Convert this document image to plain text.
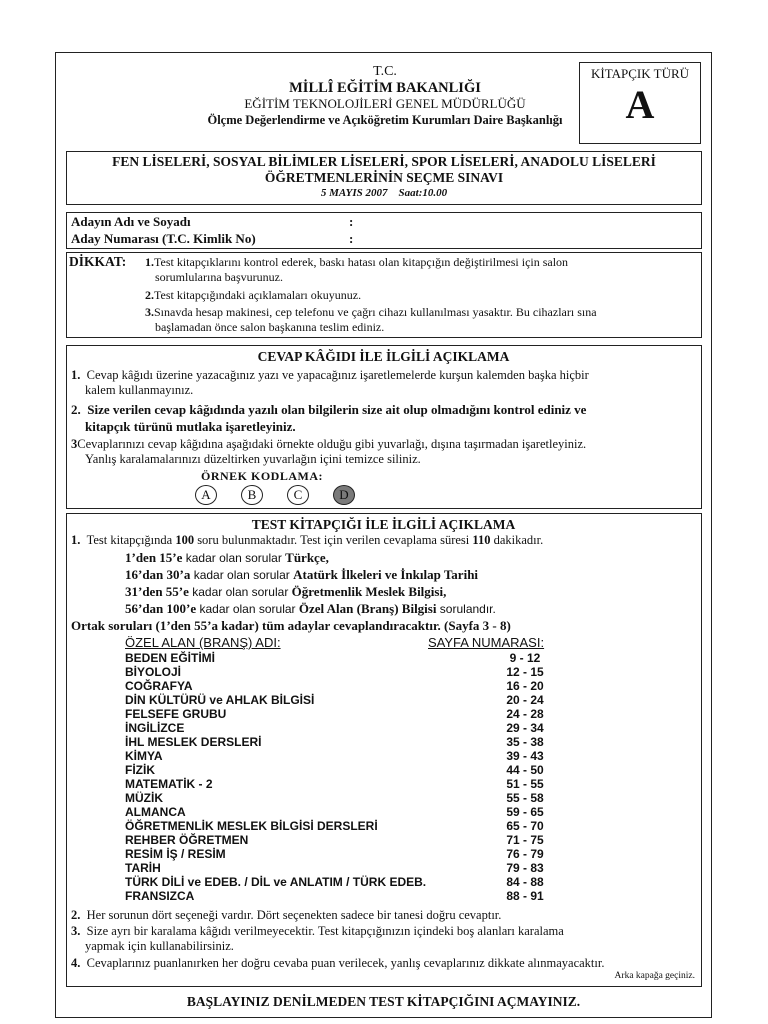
T.C.
MİLLÎ EĞİTİM BAKANLIĞI
EĞİTİM TEKNOLOJİLERİ GENEL MÜDÜRLÜĞÜ
Ölçme Değerlendirme ve Açıköğretim Kurumları Daire Başkanlığı
KİTAPÇIK TÜRÜ
A
FEN LİSELERİ, SOSYAL BİLİMLER LİSELERİ, SPOR LİSELERİ, ANADOLU LİSELERİ
ÖĞRETMENLERİNİN SEÇME SINAVI
5 MAYIS 2007 Saat:10.00
Adayın Adı ve Soyadı	:
Aday Numarası (T.C. Kimlik No)	:
DİKKAT: 1.Test kitapçıklarını kontrol ederek, baskı hatası olan kitapçığın değiştirilmesi için salon
sorumlularına başvurunuz.
2.Test kitapçığındaki açıklamaları okuyunuz.
3.Sınavda hesap makinesi, cep telefonu ve çağrı cihazı kullanılması yasaktır. Bu cihazları sına
başlamadan önce salon başkanına teslim ediniz.
CEVAP KÂĞIDI İLE İLGİLİ AÇIKLAMA
1. Cevap kâğıdı üzerine yazacağınız yazı ve yapacağınız işaretlemelerde kurşun kalemden başka hiçbir
kalem kullanmayınız.
2. Size verilen cevap kâğıdında yazılı olan bilgilerin size ait olup olmadığını kontrol ediniz ve
kitapçık türünü mutlaka işaretleyiniz.
3Cevaplarınızı cevap kâğıdına aşağıdaki örnekte olduğu gibi yuvarlağı, dışına taşırmadan işaretleyiniz.
Yanlış karalamalarınızı düzeltirken yuvarlağın içini temizce siliniz.
ÖRNEK KODLAMA:
A	B	C	D
TEST KİTAPÇIĞI İLE İLGİLİ AÇIKLAMA
1. Test kitapçığında 100 soru bulunmaktadır. Test için verilen cevaplama süresi 110 dakikadır.
1’den 15’e kadar olan sorular Türkçe,
16’dan 30’a kadar olan sorular Atatürk İlkeleri ve İnkılap Tarihi
31’den 55’e kadar olan sorular Öğretmenlik Meslek Bilgisi,
56’dan 100’e kadar olan sorular Özel Alan (Branş) Bilgisi sorulandır.
Ortak soruları (1’den 55’a kadar) tüm adaylar cevaplandıracaktır. (Sayfa 3 - 8)
ÖZEL ALAN (BRANŞ) ADI:	SAYFA NUMARASI:
BEDEN EĞİTİMİ	9 - 12
BİYOLOJİ	12 - 15
COĞRAFYA	16 - 20
DİN KÜLTÜRÜ ve AHLAK BİLGİSİ	20 - 24
FELSEFE GRUBU	24 - 28
İNGİLİZCE	29 - 34
İHL MESLEK DERSLERİ	35 - 38
KİMYA	39 - 43
FİZİK	44 - 50
MATEMATİK - 2	51 - 55
MÜZİK	55 - 58
ALMANCA	59 - 65
ÖĞRETMENLİK MESLEK BİLGİSİ DERSLERİ	65 - 70
REHBER ÖĞRETMEN	71 - 75
RESİM İŞ / RESİM	76 - 79
TARİH	79 - 83
TÜRK DİLİ ve EDEB. / DİL ve ANLATIM / TÜRK EDEB.	84 - 88
FRANSIZCA	88 - 91
2. Her sorunun dört seçeneği vardır. Dört seçenekten sadece bir tanesi doğru cevaptır.
3. Size ayrı bir karalama kâğıdı verilmeyecektir. Test kitapçığınızın içindeki boş alanları karalama
yapmak için kullanabilirsiniz.
4. Cevaplarınız puanlanırken her doğru cevaba puan verilecek, yanlış cevaplarınız dikkate alınmayacaktır.
Arka kapağa geçiniz.
BAŞLAYINIZ DENİLMEDEN TEST KİTAPÇIĞINI AÇMAYINIZ.
